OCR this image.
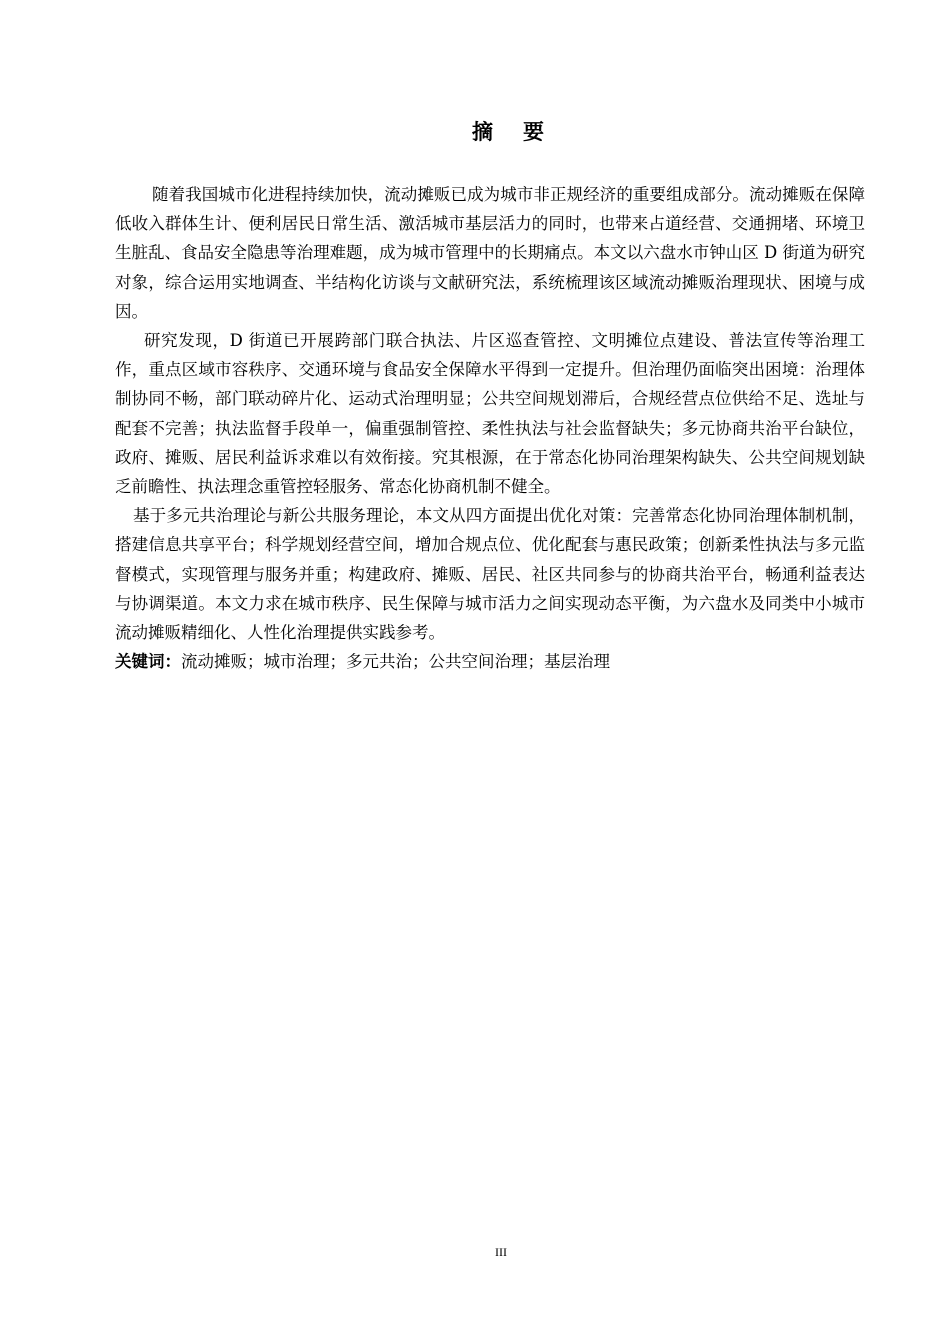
摘 要

随着我国城市化进程持续加快，流动摊贩已成为城市非正规经济的重要组成部分。流动摊贩在保障低收入群体生计、便利居民日常生活、激活城市基层活力的同时，也带来占道经营、交通拥堵、环境卫生脏乱、食品安全隐患等治理难题，成为城市管理中的长期痛点。本文以六盘水市钟山区 D 街道为研究对象，综合运用实地调查、半结构化访谈与文献研究法，系统梳理该区域流动摊贩治理现状、困境与成因。

研究发现，D 街道已开展跨部门联合执法、片区巡查管控、文明摊位点建设、普法宣传等治理工作，重点区域市容秩序、交通环境与食品安全保障水平得到一定提升。但治理仍面临突出困境：治理体制协同不畅，部门联动碎片化、运动式治理明显；公共空间规划滞后，合规经营点位供给不足、选址与配套不完善；执法监督手段单一，偏重强制管控、柔性执法与社会监督缺失；多元协商共治平台缺位，政府、摊贩、居民利益诉求难以有效衔接。究其根源，在于常态化协同治理架构缺失、公共空间规划缺乏前瞻性、执法理念重管控轻服务、常态化协商机制不健全。

基于多元共治理论与新公共服务理论，本文从四方面提出优化对策：完善常态化协同治理体制机制，搭建信息共享平台；科学规划经营空间，增加合规点位、优化配套与惠民政策；创新柔性执法与多元监督模式，实现管理与服务并重；构建政府、摊贩、居民、社区共同参与的协商共治平台，畅通利益表达与协调渠道。本文力求在城市秩序、民生保障与城市活力之间实现动态平衡，为六盘水及同类中小城市流动摊贩精细化、人性化治理提供实践参考。

关键词：流动摊贩；城市治理；多元共治；公共空间治理；基层治理

III
